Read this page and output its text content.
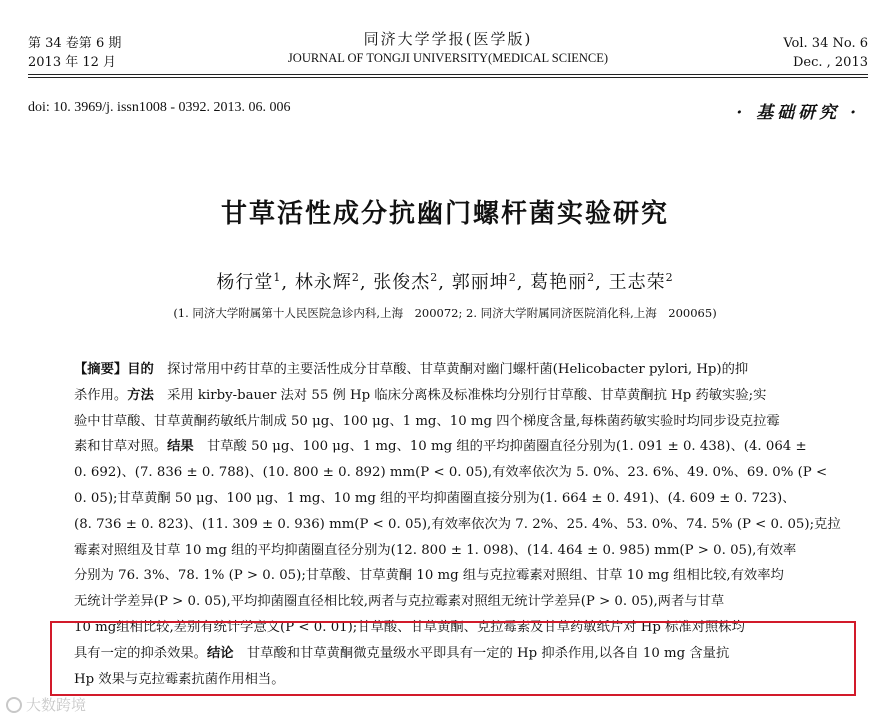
第 34 卷第 6 期
2013 年 12 月
同济大学学报(医学版)
JOURNAL OF TONGJI UNIVERSITY(MEDICAL SCIENCE)
Vol. 34 No. 6
Dec. , 2013
doi: 10. 3969/j. issn1008 - 0392. 2013. 06. 006	· 基础研究 ·
甘草活性成分抗幽门螺杆菌实验研究
杨行堂$^1$, 林永辉$^2$, 张俊杰$^2$, 郭丽坤$^2$, 葛艳丽$^2$, 王志荣$^2$
(1. 同济大学附属第十人民医院急诊内科,上海　200072; 2. 同济大学附属同济医院消化科,上海　200065)
【摘要】目的　 探讨常用中药甘草的主要活性成分甘草酸、甘草黄酮对幽门螺杆菌(Helicobacter pylori, Hp)的抑
杀作用。方法　 采用 kirby-bauer 法对 55 例 Hp 临床分离株及标准株均分别行甘草酸、甘草黄酮抗 Hp 药敏实验;实
验中甘草酸、甘草黄酮药敏纸片制成 50 μg、100 μg、1 mg、10 mg 四个梯度含量,每株菌药敏实验时均同步设克拉霉
素和甘草对照。结果　 甘草酸 50 μg、100 μg、1 mg、10 mg 组的平均抑菌圈直径分别为(1. 091 ± 0. 438)、(4. 064 ±
0. 692)、(7. 836 ± 0. 788)、(10. 800 ± 0. 892) mm(P < 0. 05),有效率依次为 5. 0%、23. 6%、49. 0%、69. 0% (P <
0. 05);甘草黄酮 50 μg、100 μg、1 mg、10 mg 组的平均抑菌圈直接分别为(1. 664 ± 0. 491)、(4. 609 ± 0. 723)、
(8. 736 ± 0. 823)、(11. 309 ± 0. 936) mm(P < 0. 05),有效率依次为 7. 2%、25. 4%、53. 0%、74. 5% (P < 0. 05);克拉
霉素对照组及甘草 10 mg 组的平均抑菌圈直径分别为(12. 800 ± 1. 098)、(14. 464 ± 0. 985) mm(P > 0. 05),有效率
分别为 76. 3%、78. 1% (P > 0. 05);甘草酸、甘草黄酮 10 mg 组与克拉霉素对照组、甘草 10 mg 组相比较,有效率均
无统计学差异(P > 0. 05),平均抑菌圈直径相比较,两者与克拉霉素对照组无统计学差异(P > 0. 05),两者与甘草
10 mg组相比较,差别有统计学意义(P < 0. 01);甘草酸、甘草黄酮、克拉霉素及甘草药敏纸片对 Hp 标准对照株均
具有一定的抑杀效果。结论　 甘草酸和甘草黄酮微克量级水平即具有一定的 Hp 抑杀作用,以各自 10 mg 含量抗
Hp 效果与克拉霉素抗菌作用相当。
大数跨境
